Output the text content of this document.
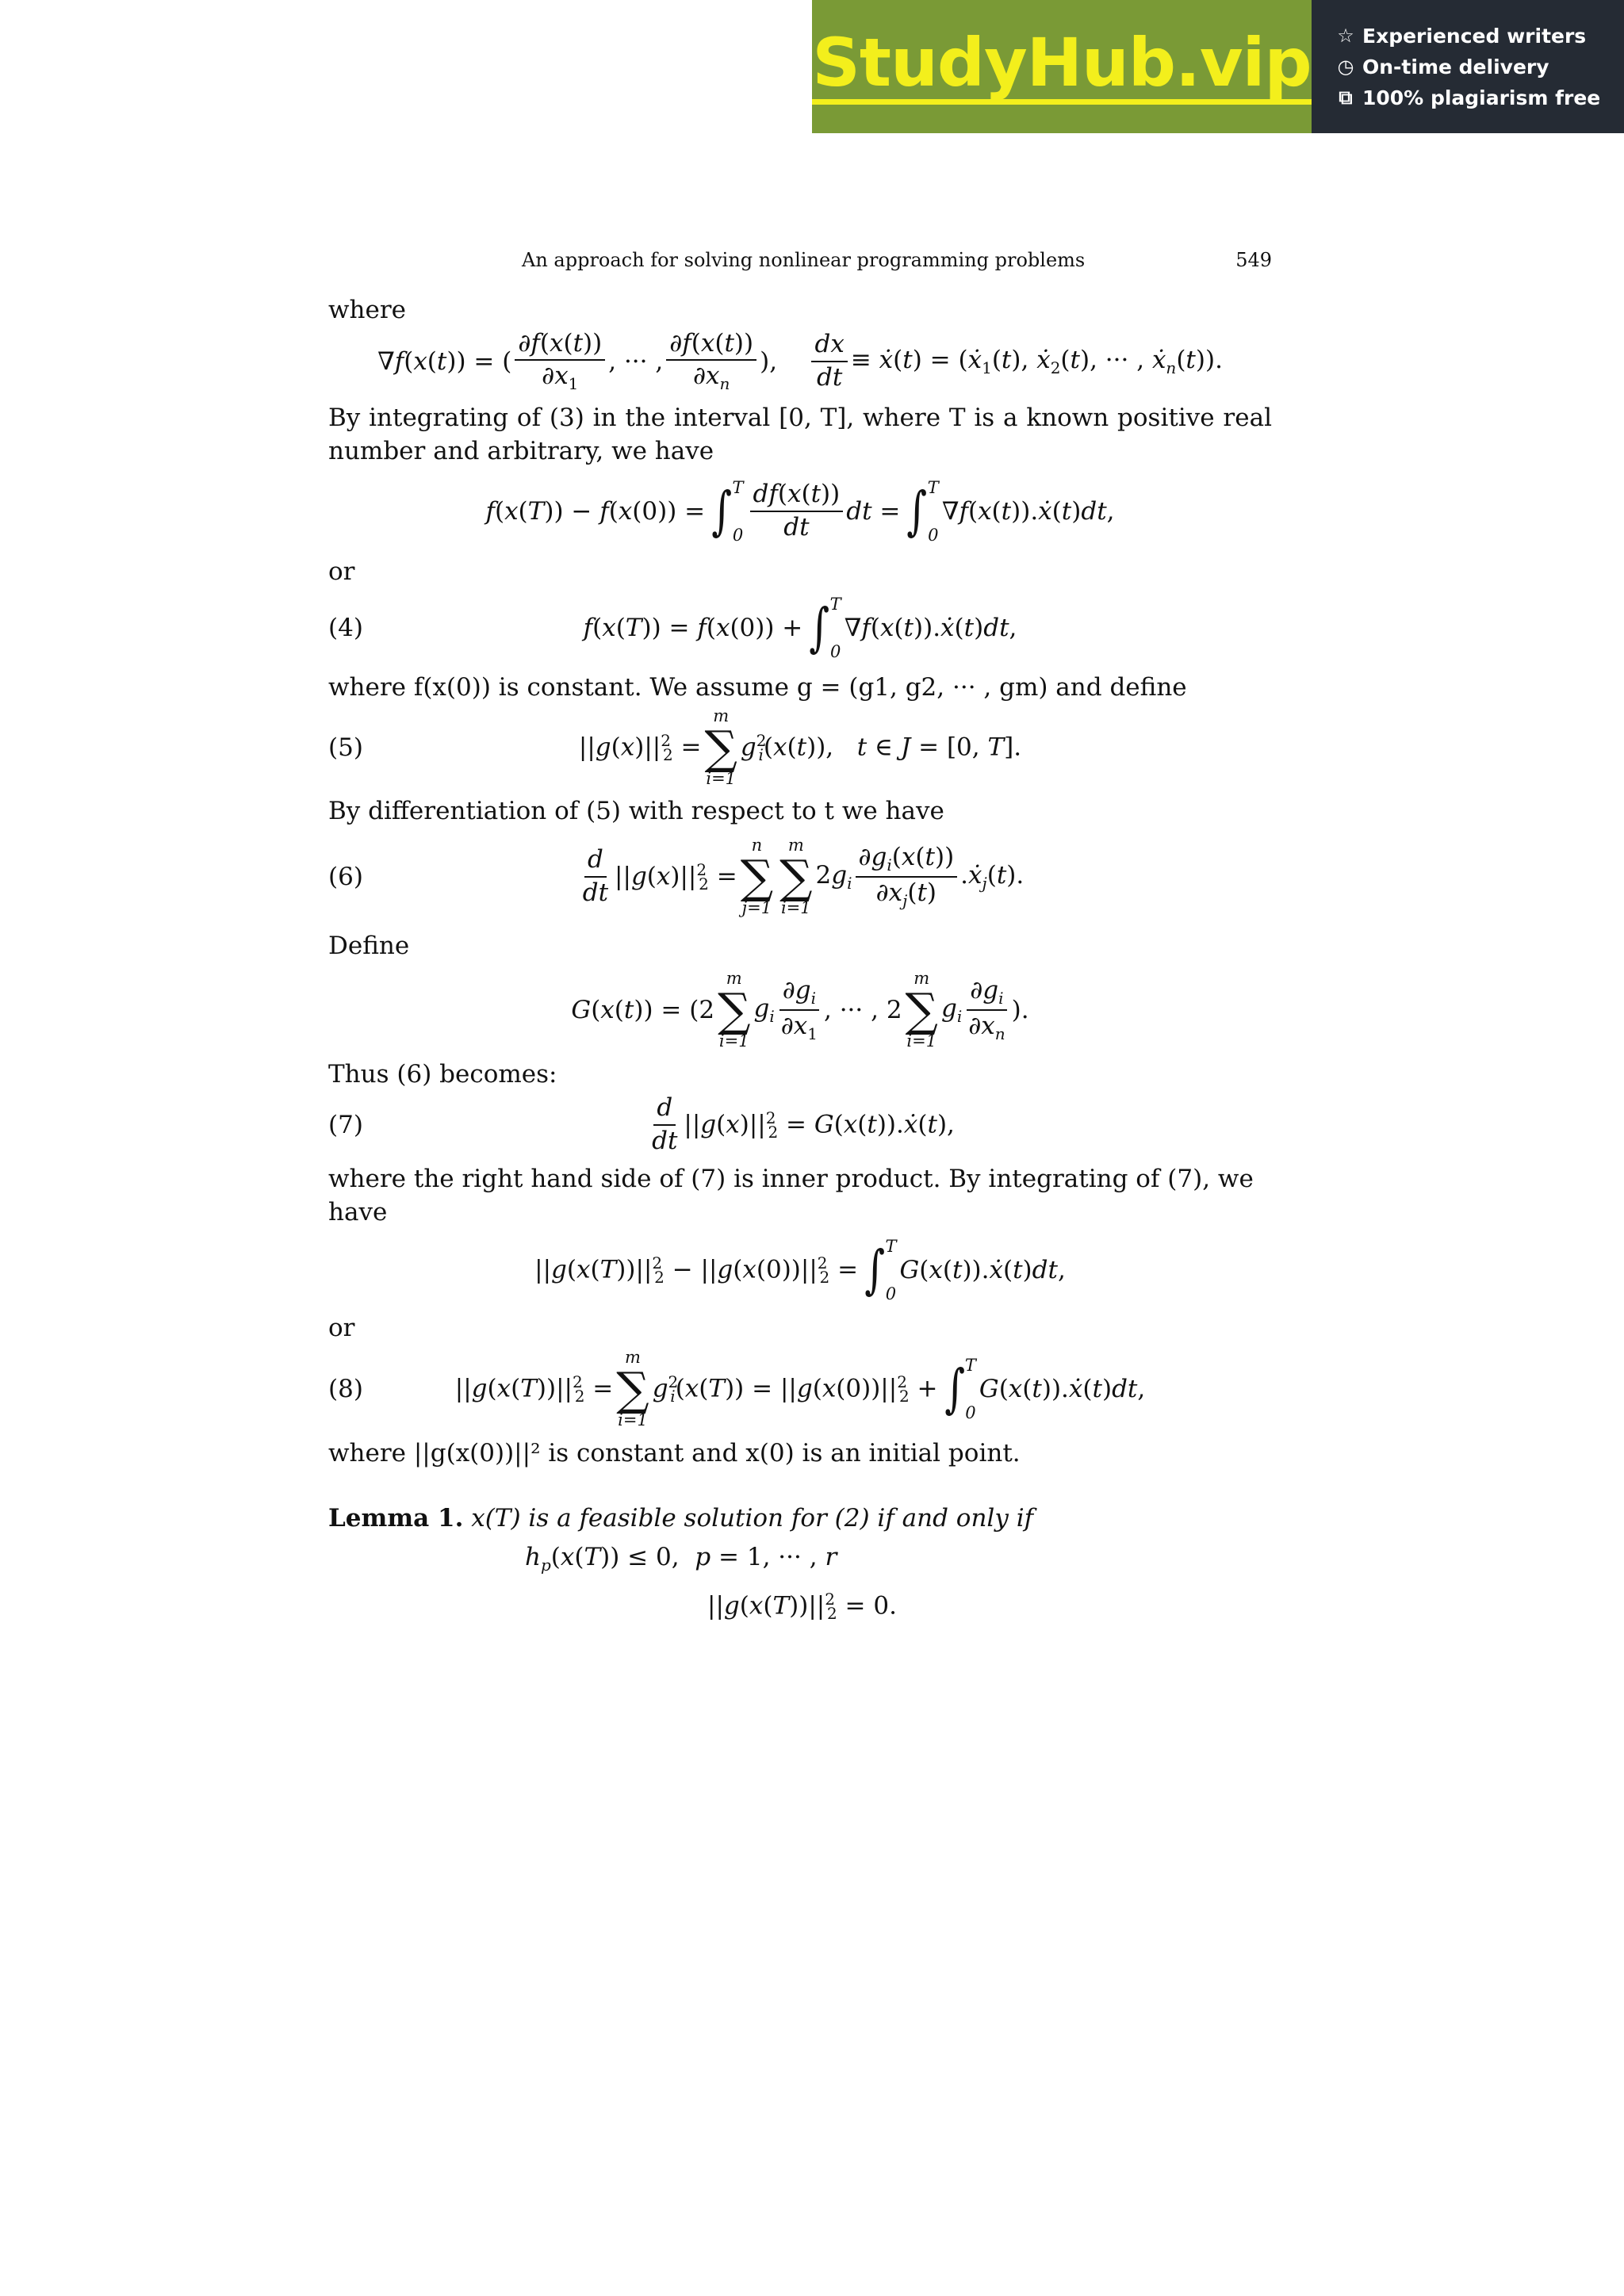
StudyHub.vip ☆ Experienced writers
◷ On-time delivery
⧉ 100% plagiarism free
An approach for solving nonlinear programming problems	549

where

∇f(x(t)) = ( $\frac{\partial f(x(t))}{\partial x_1}$ , ··· , $\frac{\partial f(x(t))}{\partial x_n}$ ), $\frac{dx}{dt}$ ≡ ẋ(t) = (ẋ$_1$(t), ẋ$_2$(t), ··· , ẋ$_n$(t)).

By integrating of (3) in the interval [0, T], where T is a known positive real number and arbitrary, we have

f(x(T)) − f(x(0)) = ∫ T
$0 \frac{df(x(t))}{dt}$ dt = ∫ T
0
∇f(x(t)).ẋ(t)dt,

or

(4)	f(x(T)) = f(x(0)) + ∫ T
0
∇f(x(t)).ẋ(t)dt,

where f(x(0)) is constant. We assume g = (g1, g2, ··· , gm) and define

(5)	$||g(x)||^2_2$ =
m
∑
i=1
$g^2_i(x(t))$,   t ∈ J = [0, T].

By differentiation of (5) with respect to t we have

(6)	$\frac{d}{dt} ||g(x)||^2_2$ =
n
∑
j=1
m
∑
i=1
$2g_i \frac{\partial g_i(x(t))}{\partial x_j(t)}$ .ẋ$_j$(t).

Define

G(x(t)) = (2
m
∑
i=1
$g_i \frac{\partial g_i}{\partial x_1}$ , ··· , 2
m
∑
i=1
$g_i \frac{\partial g_i}{\partial x_n}$ ).

Thus (6) becomes:

(7)	$\frac{d}{dt} ||g(x)||^2_2$ = G(x(t)).ẋ(t),

where the right hand side of (7) is inner product. By integrating of (7), we have

$||g(x(T))||^2_2 - ||g(x(0))||^2_2$ = ∫ T
0
G(x(t)).ẋ(t)dt,

or

(8)	$||g(x(T))||^2_2$ =
m
∑
i=1
$g^2_i(x(T)) = ||g(x(0))||^2_2$ + ∫ T
0
G(x(t)).ẋ(t)dt,

where ||g(x(0))||² is constant and x(0) is an initial point.

Lemma 1. x(T) is a feasible solution for (2) if and only if
$h_p(x(T)) \le 0$,  p = 1, ··· , r
$||g(x(T))||^2_2 = 0$.
